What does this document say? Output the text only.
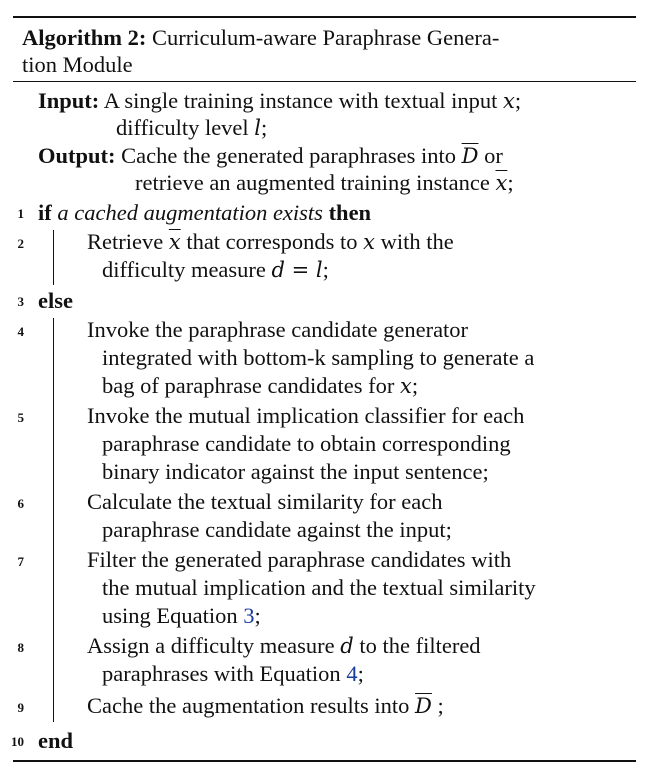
Algorithm 2: Curriculum-aware Paraphrase Genera-
tion Module
Input: A single training instance with textual input x;
difficulty level l;
Output: Cache the generated paraphrases into $\overline{D}$ or
retrieve an augmented training instance $\overline{x}$;
1 if a cached augmentation exists then
2	Retrieve $\overline{x}$ that corresponds to x with the
difficulty measure d = l;
3 else
4	Invoke the paraphrase candidate generator
integrated with bottom-k sampling to generate a
bag of paraphrase candidates for x;
5	Invoke the mutual implication classifier for each
paraphrase candidate to obtain corresponding
binary indicator against the input sentence;
6	Calculate the textual similarity for each
paraphrase candidate against the input;
7	Filter the generated paraphrase candidates with
the mutual implication and the textual similarity
using Equation 3;
8	Assign a difficulty measure d to the filtered
paraphrases with Equation 4;
9	Cache the augmentation results into $\overline{D}$ ;
10 end
